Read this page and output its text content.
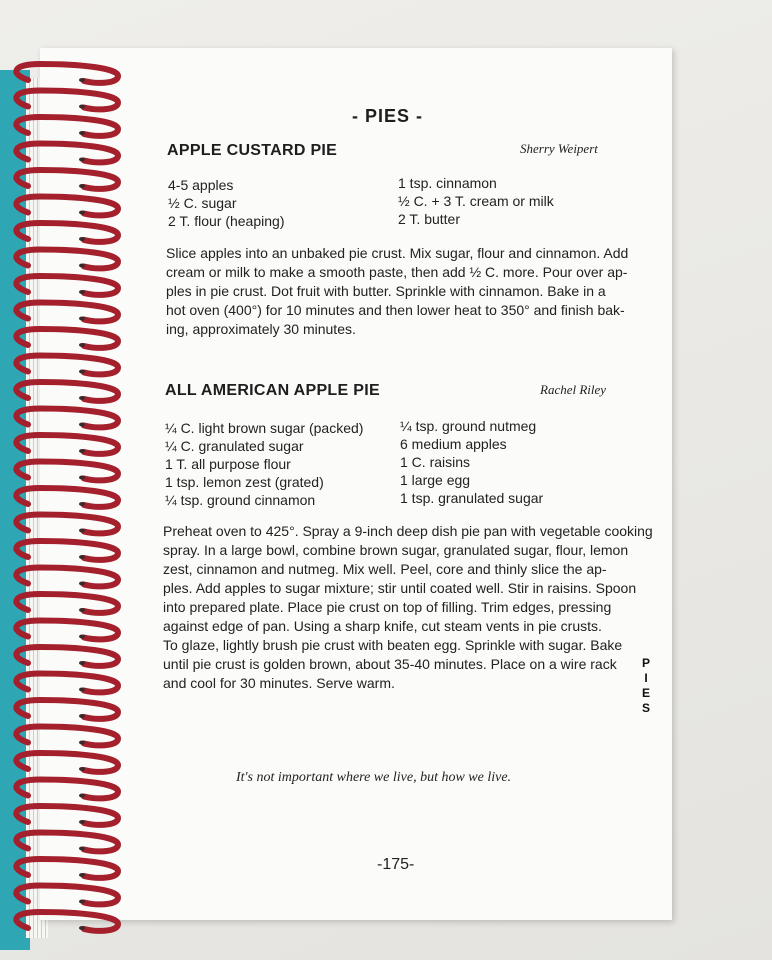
- PIES -
APPLE CUSTARD PIE	Sherry Weipert
4-5 apples
½ C. sugar
2 T. flour (heaping)
1 tsp. cinnamon
½ C. + 3 T. cream or milk
2 T. butter
Slice apples into an unbaked pie crust. Mix sugar, flour and cinnamon. Add
cream or milk to make a smooth paste, then add ½ C. more. Pour over ap-
ples in pie crust. Dot fruit with butter. Sprinkle with cinnamon. Bake in a
hot oven (400°) for 10 minutes and then lower heat to 350° and finish bak-
ing, approximately 30 minutes.
ALL AMERICAN APPLE PIE	Rachel Riley
¼ C. light brown sugar (packed)
¼ C. granulated sugar
1 T. all purpose flour
1 tsp. lemon zest (grated)
¼ tsp. ground cinnamon
¼ tsp. ground nutmeg
6 medium apples
1 C. raisins
1 large egg
1 tsp. granulated sugar
Preheat oven to 425°. Spray a 9-inch deep dish pie pan with vegetable cooking
spray. In a large bowl, combine brown sugar, granulated sugar, flour, lemon
zest, cinnamon and nutmeg. Mix well. Peel, core and thinly slice the ap-
ples. Add apples to sugar mixture; stir until coated well. Stir in raisins. Spoon
into prepared plate. Place pie crust on top of filling. Trim edges, pressing
against edge of pan. Using a sharp knife, cut steam vents in pie crusts.
To glaze, lightly brush pie crust with beaten egg. Sprinkle with sugar. Bake
until pie crust is golden brown, about 35-40 minutes. Place on a wire rack
and cool for 30 minutes. Serve warm.
P
I
E
S
It's not important where we live, but how we live.
-175-
